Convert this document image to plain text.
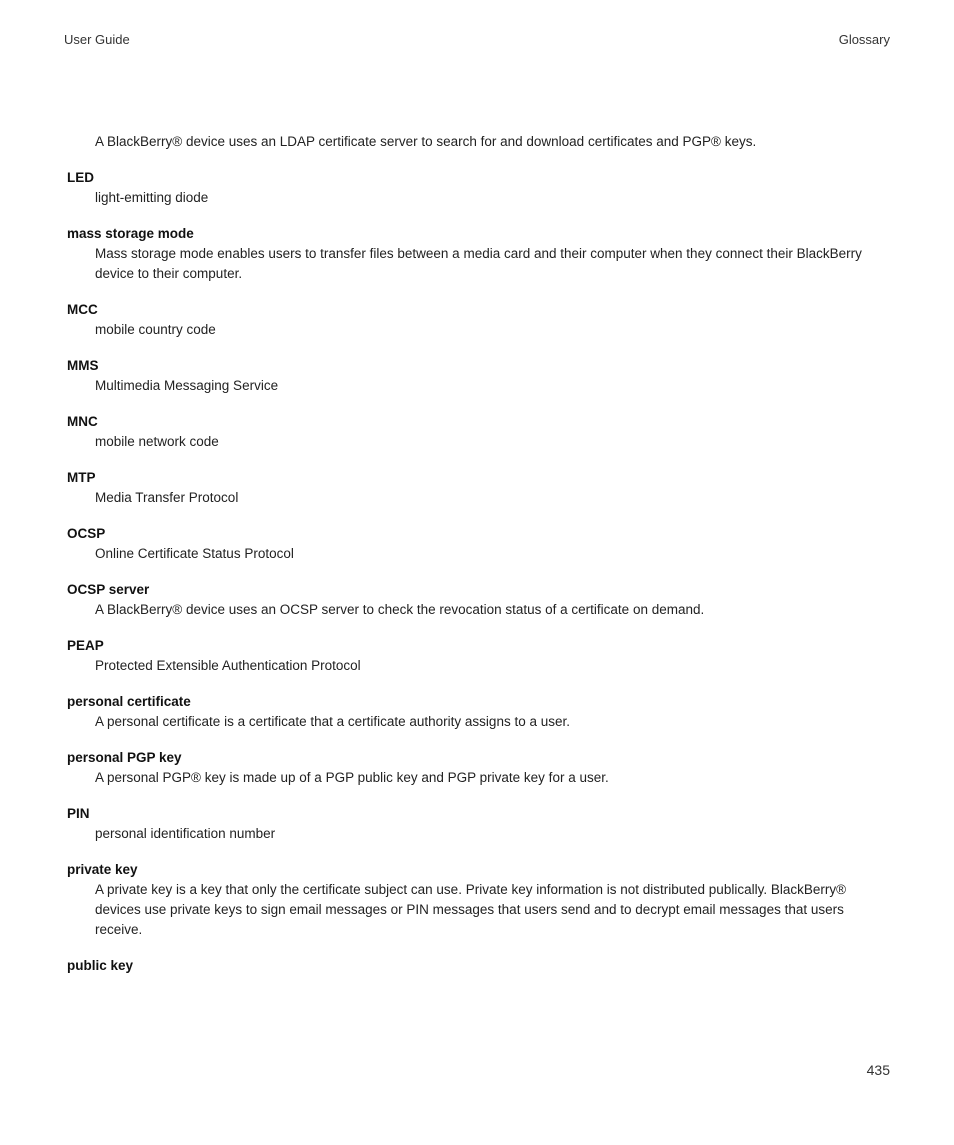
User Guide	Glossary
A BlackBerry® device uses an LDAP certificate server to search for and download certificates and PGP® keys.
LED
light-emitting diode
mass storage mode
Mass storage mode enables users to transfer files between a media card and their computer when they connect their BlackBerry device to their computer.
MCC
mobile country code
MMS
Multimedia Messaging Service
MNC
mobile network code
MTP
Media Transfer Protocol
OCSP
Online Certificate Status Protocol
OCSP server
A BlackBerry® device uses an OCSP server to check the revocation status of a certificate on demand.
PEAP
Protected Extensible Authentication Protocol
personal certificate
A personal certificate is a certificate that a certificate authority assigns to a user.
personal PGP key
A personal PGP® key is made up of a PGP public key and PGP private key for a user.
PIN
personal identification number
private key
A private key is a key that only the certificate subject can use. Private key information is not distributed publically. BlackBerry® devices use private keys to sign email messages or PIN messages that users send and to decrypt email messages that users receive.
public key
435
